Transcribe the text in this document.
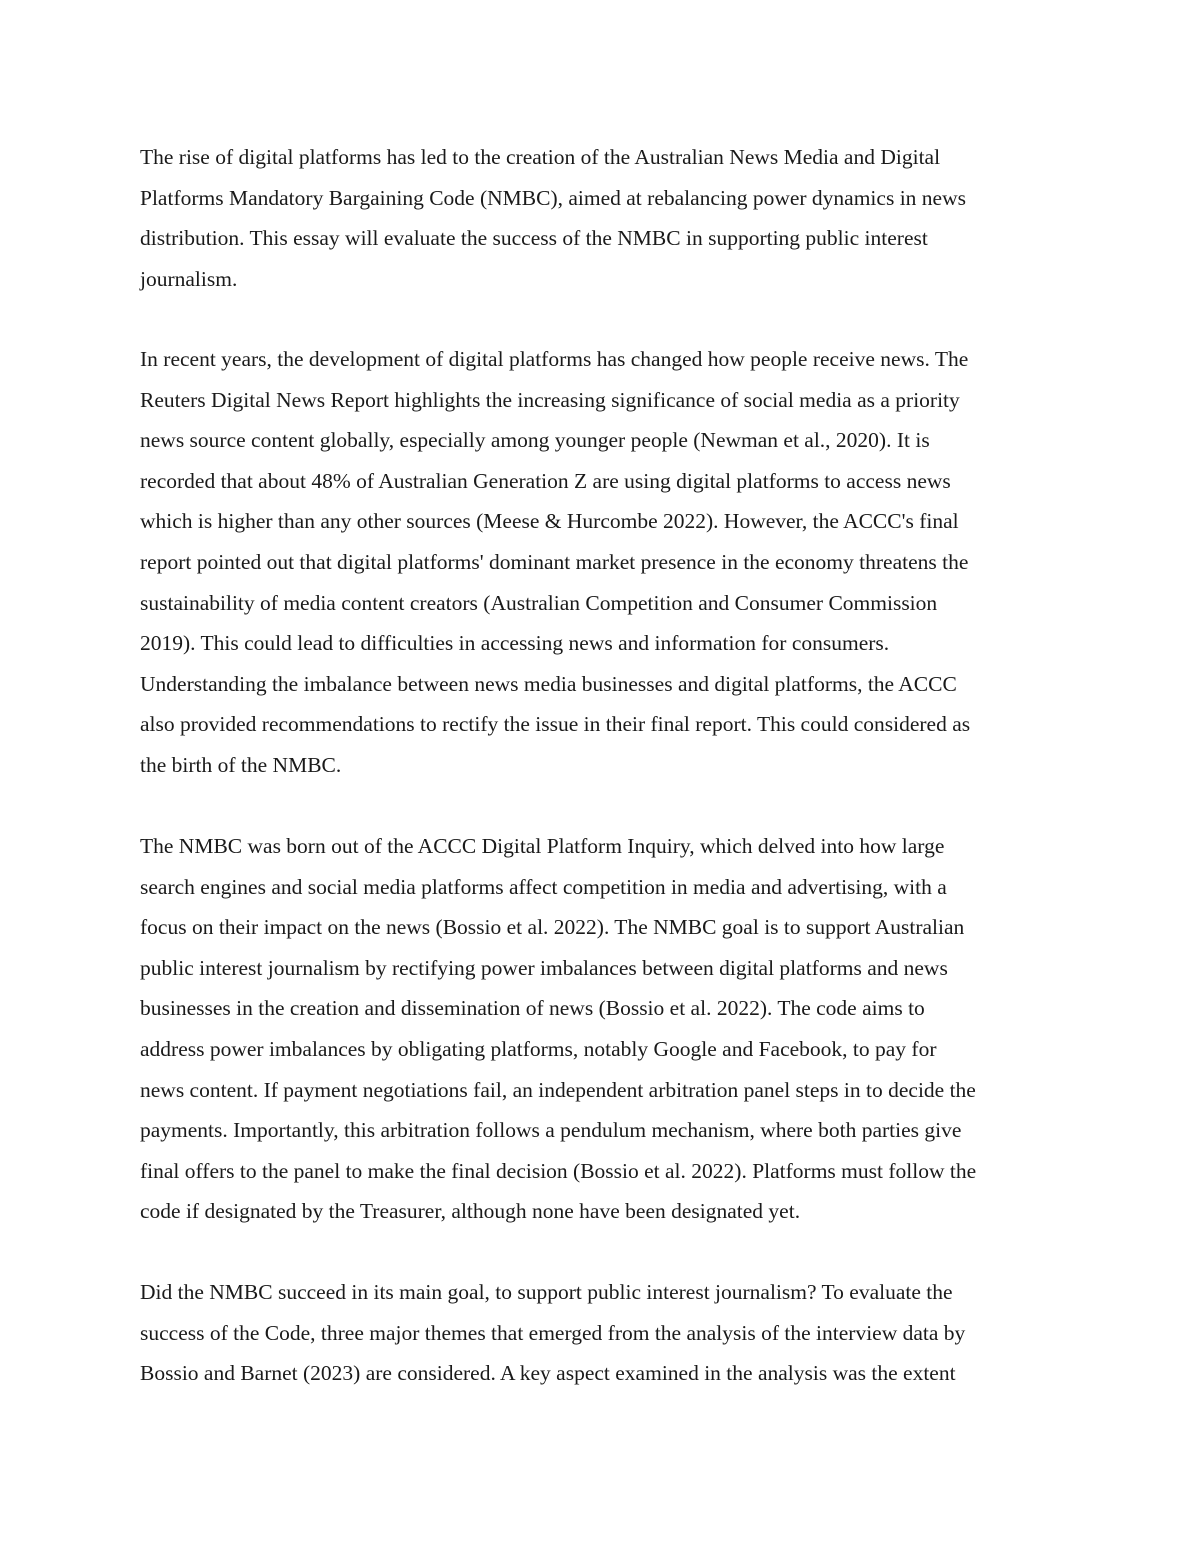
The rise of digital platforms has led to the creation of the Australian News Media and Digital
Platforms Mandatory Bargaining Code (NMBC), aimed at rebalancing power dynamics in news
distribution. This essay will evaluate the success of the NMBC in supporting public interest
journalism.

In recent years, the development of digital platforms has changed how people receive news. The
Reuters Digital News Report highlights the increasing significance of social media as a priority
news source content globally, especially among younger people (Newman et al., 2020). It is
recorded that about 48% of Australian Generation Z are using digital platforms to access news
which is higher than any other sources (Meese & Hurcombe 2022). However, the ACCC's final
report pointed out that digital platforms' dominant market presence in the economy threatens the
sustainability of media content creators (Australian Competition and Consumer Commission
2019). This could lead to difficulties in accessing news and information for consumers.
Understanding the imbalance between news media businesses and digital platforms, the ACCC
also provided recommendations to rectify the issue in their final report. This could considered as
the birth of the NMBC.

The NMBC was born out of the ACCC Digital Platform Inquiry, which delved into how large
search engines and social media platforms affect competition in media and advertising, with a
focus on their impact on the news (Bossio et al. 2022). The NMBC goal is to support Australian
public interest journalism by rectifying power imbalances between digital platforms and news
businesses in the creation and dissemination of news (Bossio et al. 2022). The code aims to
address power imbalances by obligating platforms, notably Google and Facebook, to pay for
news content. If payment negotiations fail, an independent arbitration panel steps in to decide the
payments. Importantly, this arbitration follows a pendulum mechanism, where both parties give
final offers to the panel to make the final decision (Bossio et al. 2022). Platforms must follow the
code if designated by the Treasurer, although none have been designated yet.

Did the NMBC succeed in its main goal, to support public interest journalism? To evaluate the
success of the Code, three major themes that emerged from the analysis of the interview data by
Bossio and Barnet (2023) are considered. A key aspect examined in the analysis was the extent
